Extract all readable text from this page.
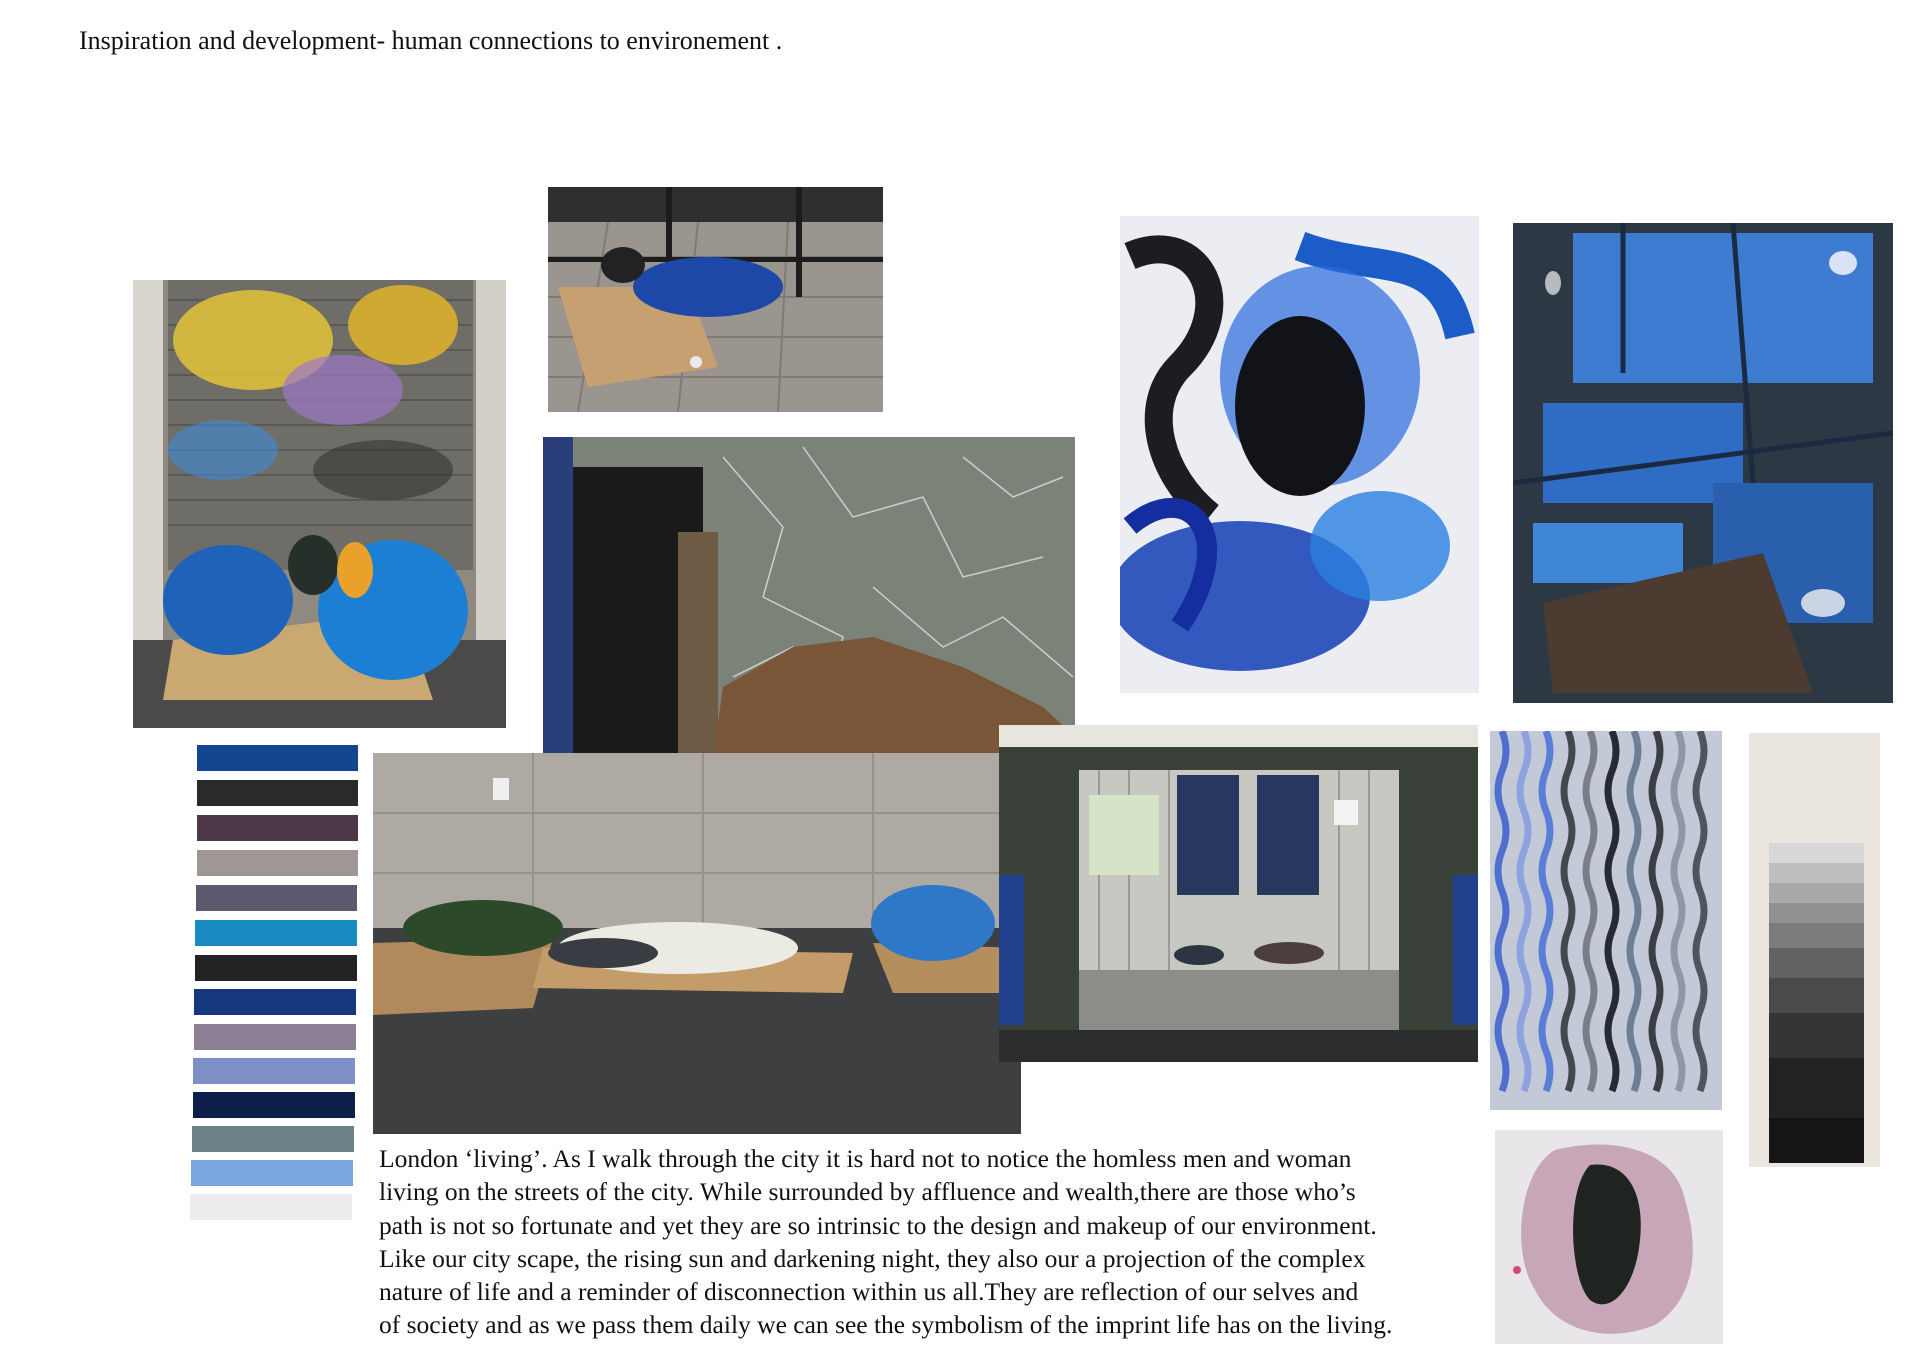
Inspiration and development- human connections to environement .
London ‘living’. As I walk through the city it is hard not to notice the homless men and woman
living on the streets of the city. While surrounded by affluence and wealth,there are those who’s
path is not so fortunate and yet they are so intrinsic to the design and makeup of our environment.
Like our city scape, the rising sun and darkening night, they also our a projection of the complex
nature of life and a reminder of disconnection within us all.They are reflection of our selves and
of society and as we pass them daily we can see the symbolism of the imprint life has on the living.
